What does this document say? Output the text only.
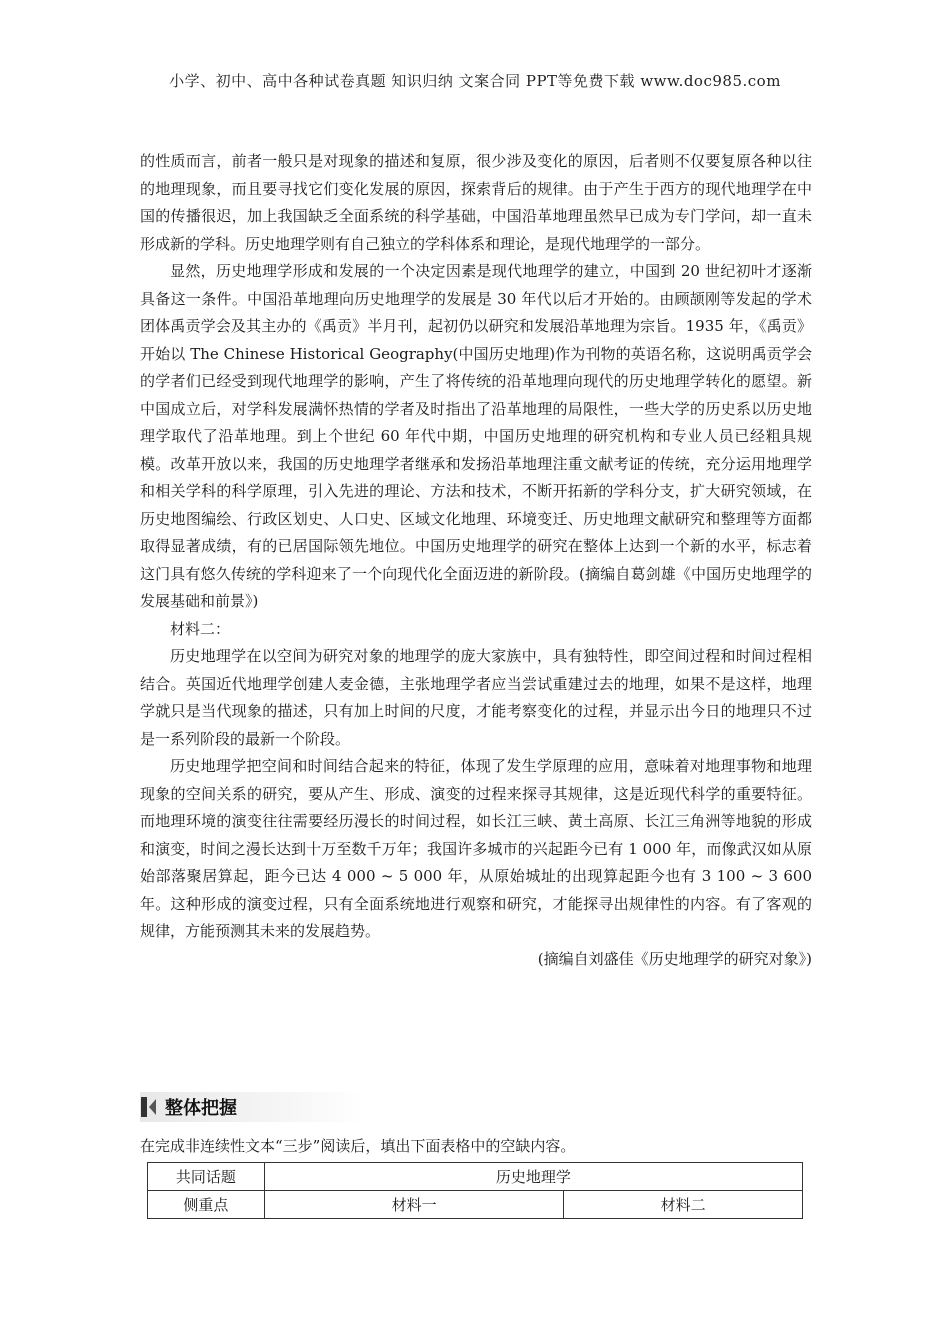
小学、初中、高中各种试卷真题 知识归纳 文案合同 PPT等免费下载 www.doc985.com

的性质而言，前者一般只是对现象的描述和复原，很少涉及变化的原因，后者则不仅要复原各种以往的地理现象，而且要寻找它们变化发展的原因，探索背后的规律。由于产生于西方的现代地理学在中国的传播很迟，加上我国缺乏全面系统的科学基础，中国沿革地理虽然早已成为专门学问，却一直未形成新的学科。历史地理学则有自己独立的学科体系和理论，是现代地理学的一部分。

显然，历史地理学形成和发展的一个决定因素是现代地理学的建立，中国到 20 世纪初叶才逐渐具备这一条件。中国沿革地理向历史地理学的发展是 30 年代以后才开始的。由顾颉刚等发起的学术团体禹贡学会及其主办的《禹贡》半月刊，起初仍以研究和发展沿革地理为宗旨。1935 年，《禹贡》开始以 The Chinese Historical Geography(中国历史地理)作为刊物的英语名称，这说明禹贡学会的学者们已经受到现代地理学的影响，产生了将传统的沿革地理向现代的历史地理学转化的愿望。新中国成立后，对学科发展满怀热情的学者及时指出了沿革地理的局限性，一些大学的历史系以历史地理学取代了沿革地理。到上个世纪 60 年代中期，中国历史地理的研究机构和专业人员已经粗具规模。改革开放以来，我国的历史地理学者继承和发扬沿革地理注重文献考证的传统，充分运用地理学和相关学科的科学原理，引入先进的理论、方法和技术，不断开拓新的学科分支，扩大研究领域，在历史地图编绘、行政区划史、人口史、区域文化地理、环境变迁、历史地理文献研究和整理等方面都取得显著成绩，有的已居国际领先地位。中国历史地理学的研究在整体上达到一个新的水平，标志着这门具有悠久传统的学科迎来了一个向现代化全面迈进的新阶段。(摘编自葛剑雄《中国历史地理学的发展基础和前景》)

材料二：

历史地理学在以空间为研究对象的地理学的庞大家族中，具有独特性，即空间过程和时间过程相结合。英国近代地理学创建人麦金德，主张地理学者应当尝试重建过去的地理，如果不是这样，地理学就只是当代现象的描述，只有加上时间的尺度，才能考察变化的过程，并显示出今日的地理只不过是一系列阶段的最新一个阶段。

历史地理学把空间和时间结合起来的特征，体现了发生学原理的应用，意味着对地理事物和地理现象的空间关系的研究，要从产生、形成、演变的过程来探寻其规律，这是近现代科学的重要特征。而地理环境的演变往往需要经历漫长的时间过程，如长江三峡、黄土高原、长江三角洲等地貌的形成和演变，时间之漫长达到十万至数千万年；我国许多城市的兴起距今已有 1 000 年，而像武汉如从原始部落聚居算起，距今已达 4 000 ~ 5 000 年，从原始城址的出现算起距今也有 3 100 ~ 3 600 年。这种形成的演变过程，只有全面系统地进行观察和研究，才能探寻出规律性的内容。有了客观的规律，方能预测其未来的发展趋势。

(摘编自刘盛佳《历史地理学的研究对象》)

整体把握
在完成非连续性文本“三步”阅读后，填出下面表格中的空缺内容。
共同话题	历史地理学	
侧重点	材料一	材料二
